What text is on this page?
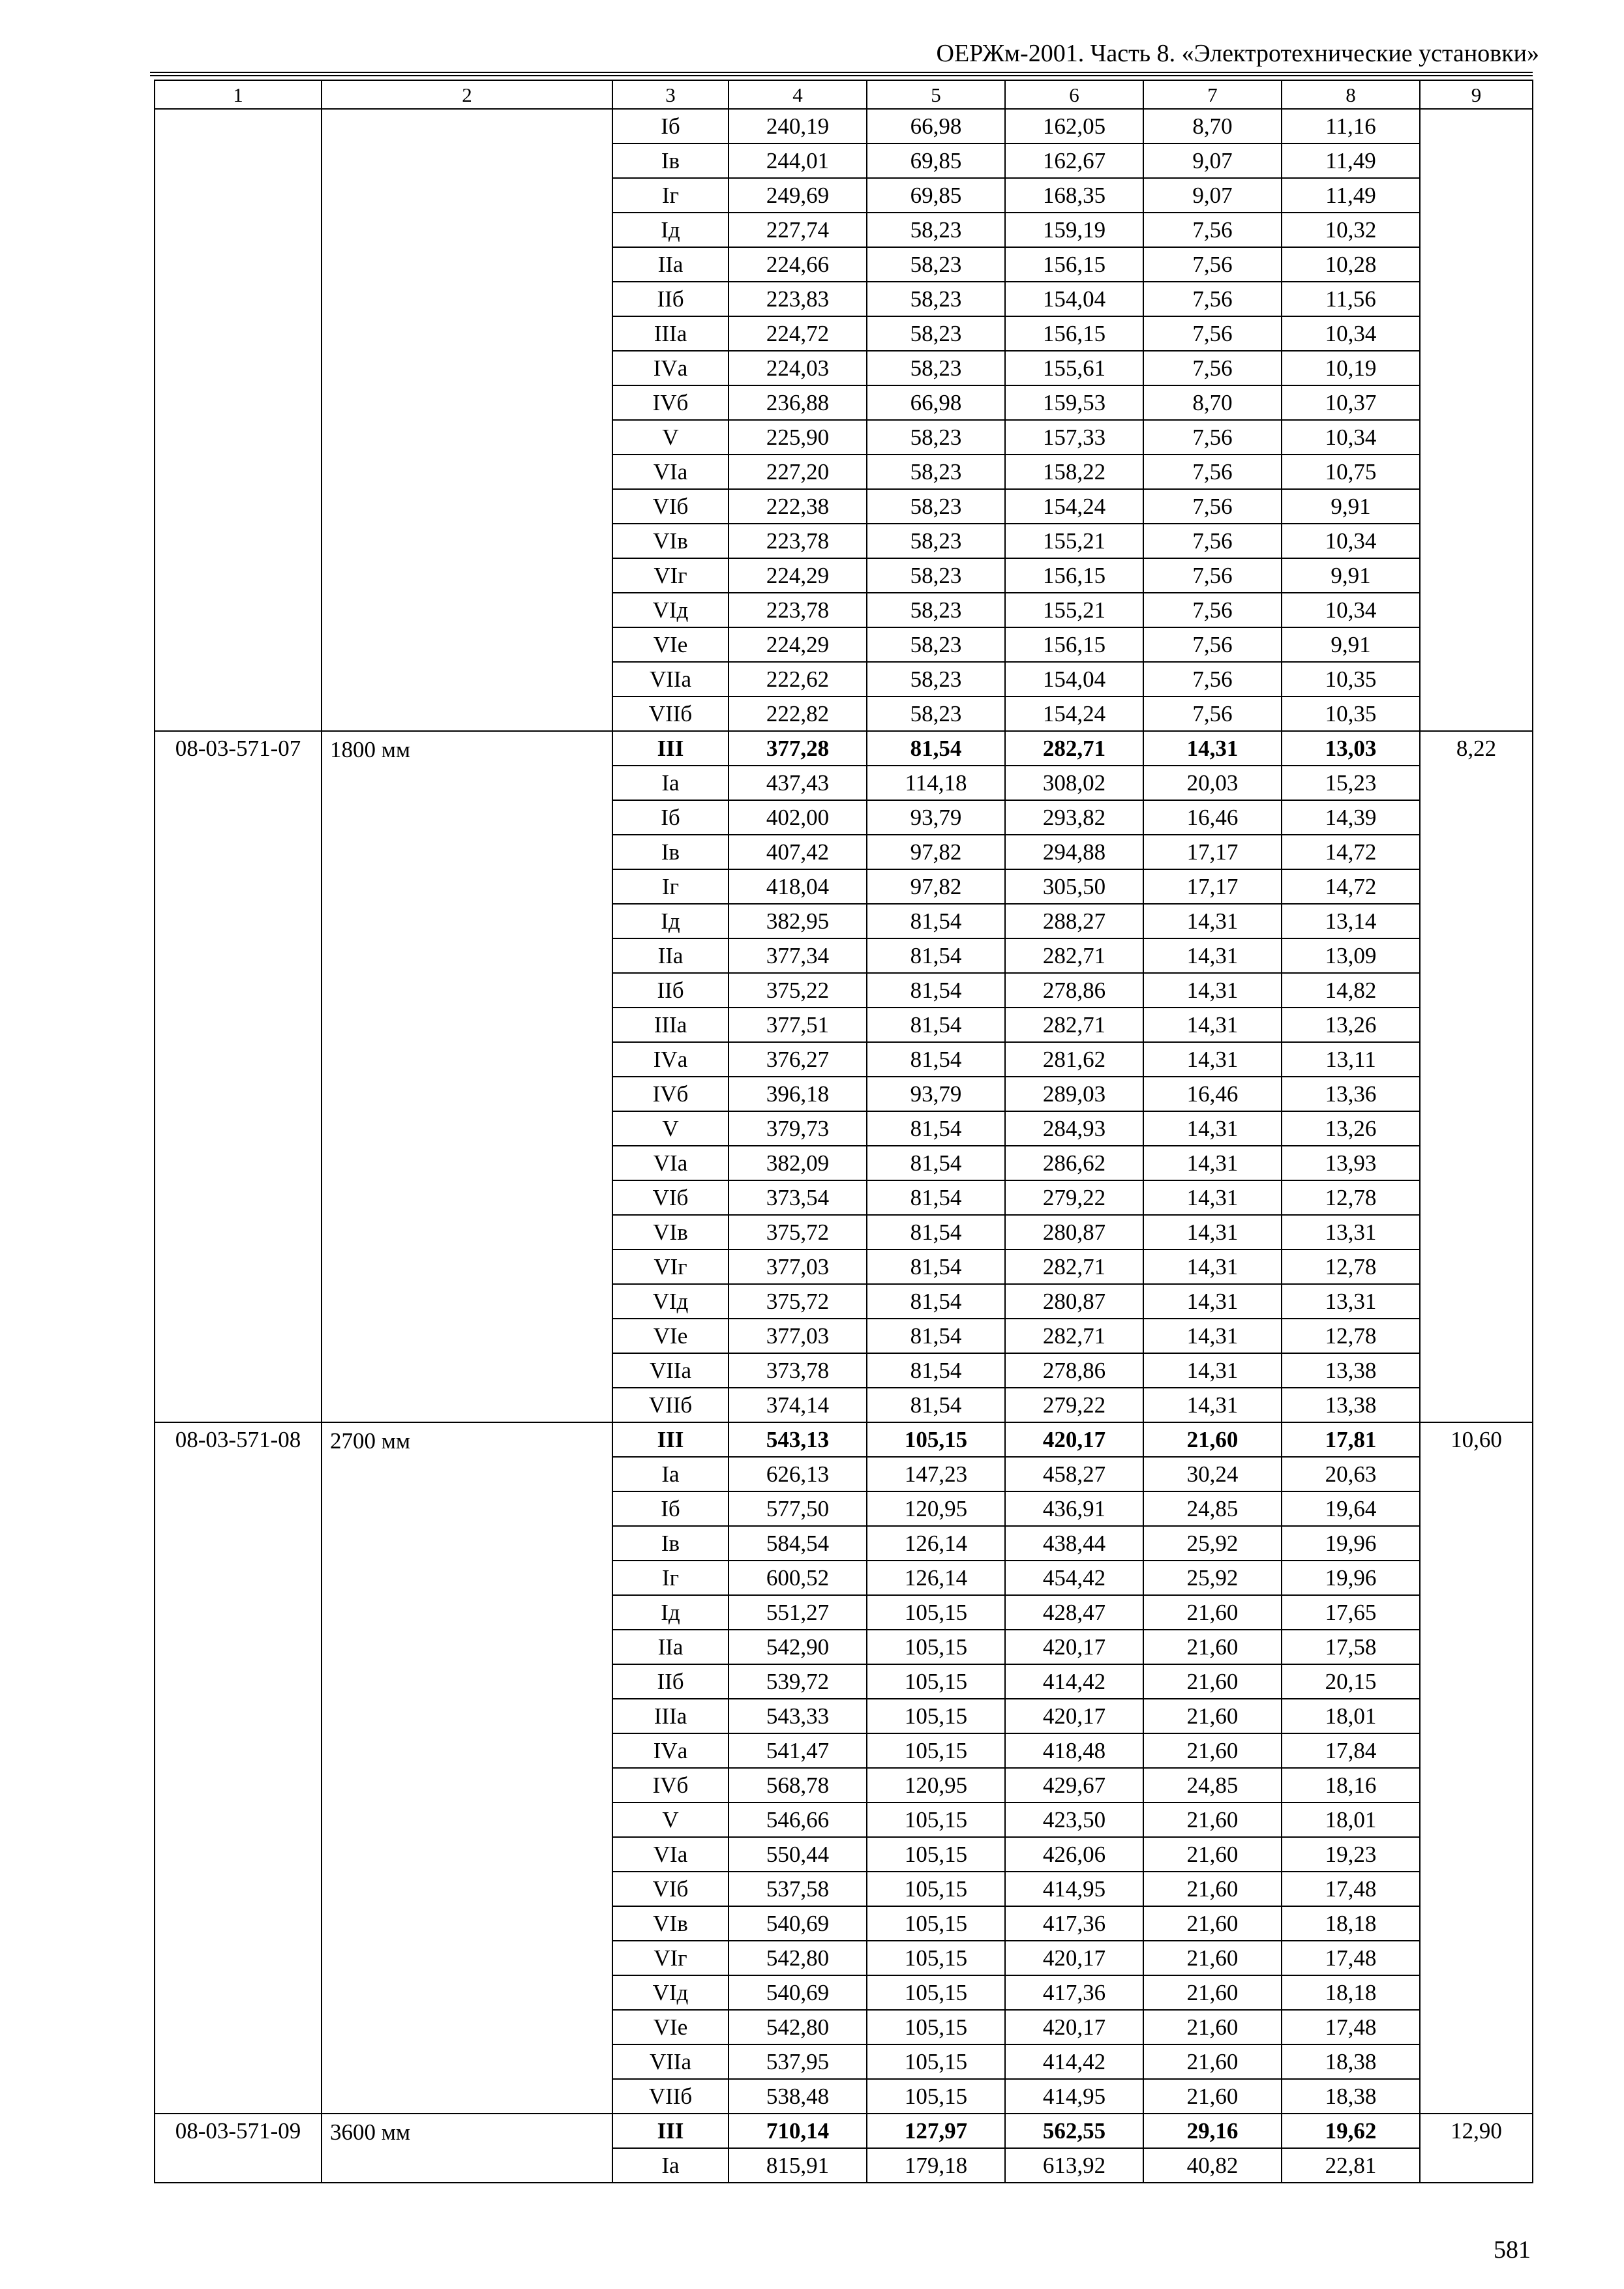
ОЕРЖм-2001. Часть 8. «Электротехнические установки»
1	2	3	4	5	6	7	8	9
		Iб	240,19	66,98	162,05	8,70	11,16	
		Iв	244,01	69,85	162,67	9,07	11,49	
		Iг	249,69	69,85	168,35	9,07	11,49	
		Iд	227,74	58,23	159,19	7,56	10,32	
		IIа	224,66	58,23	156,15	7,56	10,28	
		IIб	223,83	58,23	154,04	7,56	11,56	
		IIIа	224,72	58,23	156,15	7,56	10,34	
		IVа	224,03	58,23	155,61	7,56	10,19	
		IVб	236,88	66,98	159,53	8,70	10,37	
		V	225,90	58,23	157,33	7,56	10,34	
		VIа	227,20	58,23	158,22	7,56	10,75	
		VIб	222,38	58,23	154,24	7,56	9,91	
		VIв	223,78	58,23	155,21	7,56	10,34	
		VIг	224,29	58,23	156,15	7,56	9,91	
		VIд	223,78	58,23	155,21	7,56	10,34	
		VIе	224,29	58,23	156,15	7,56	9,91	
		VIIа	222,62	58,23	154,04	7,56	10,35	
		VIIб	222,82	58,23	154,24	7,56	10,35	
08-03-571-07	1800 мм	III	377,28	81,54	282,71	14,31	13,03	8,22
		Iа	437,43	114,18	308,02	20,03	15,23	
		Iб	402,00	93,79	293,82	16,46	14,39	
		Iв	407,42	97,82	294,88	17,17	14,72	
		Iг	418,04	97,82	305,50	17,17	14,72	
		Iд	382,95	81,54	288,27	14,31	13,14	
		IIа	377,34	81,54	282,71	14,31	13,09	
		IIб	375,22	81,54	278,86	14,31	14,82	
		IIIа	377,51	81,54	282,71	14,31	13,26	
		IVа	376,27	81,54	281,62	14,31	13,11	
		IVб	396,18	93,79	289,03	16,46	13,36	
		V	379,73	81,54	284,93	14,31	13,26	
		VIа	382,09	81,54	286,62	14,31	13,93	
		VIб	373,54	81,54	279,22	14,31	12,78	
		VIв	375,72	81,54	280,87	14,31	13,31	
		VIг	377,03	81,54	282,71	14,31	12,78	
		VIд	375,72	81,54	280,87	14,31	13,31	
		VIе	377,03	81,54	282,71	14,31	12,78	
		VIIа	373,78	81,54	278,86	14,31	13,38	
		VIIб	374,14	81,54	279,22	14,31	13,38	
08-03-571-08	2700 мм	III	543,13	105,15	420,17	21,60	17,81	10,60
		Iа	626,13	147,23	458,27	30,24	20,63	
		Iб	577,50	120,95	436,91	24,85	19,64	
		Iв	584,54	126,14	438,44	25,92	19,96	
		Iг	600,52	126,14	454,42	25,92	19,96	
		Iд	551,27	105,15	428,47	21,60	17,65	
		IIа	542,90	105,15	420,17	21,60	17,58	
		IIб	539,72	105,15	414,42	21,60	20,15	
		IIIа	543,33	105,15	420,17	21,60	18,01	
		IVа	541,47	105,15	418,48	21,60	17,84	
		IVб	568,78	120,95	429,67	24,85	18,16	
		V	546,66	105,15	423,50	21,60	18,01	
		VIа	550,44	105,15	426,06	21,60	19,23	
		VIб	537,58	105,15	414,95	21,60	17,48	
		VIв	540,69	105,15	417,36	21,60	18,18	
		VIг	542,80	105,15	420,17	21,60	17,48	
		VIд	540,69	105,15	417,36	21,60	18,18	
		VIе	542,80	105,15	420,17	21,60	17,48	
		VIIа	537,95	105,15	414,42	21,60	18,38	
		VIIб	538,48	105,15	414,95	21,60	18,38	
08-03-571-09	3600 мм	III	710,14	127,97	562,55	29,16	19,62	12,90
		Iа	815,91	179,18	613,92	40,82	22,81	
581
